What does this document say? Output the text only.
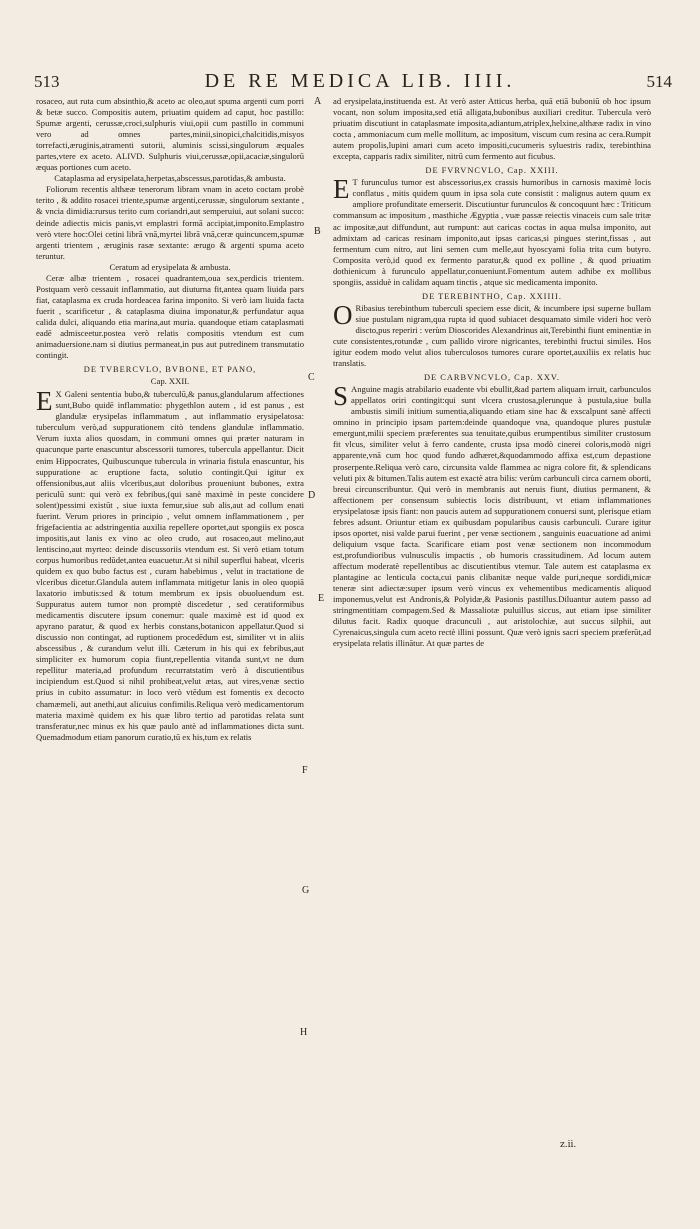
513	DE RE MEDICA LIB. IIII.	514

rosaceo, aut ruta cum absinthio,& aceto ac oleo,aut spuma argenti cum porri & betæ succo. Compositis autem, priuatim quidem ad caput, hoc pastillo: Spumæ argenti, cerussæ,croci,sulphuris viui,opii cum pastillo in communi vero ad omnes partes,minii,sinopici,chalcitidis,misyos torrefacti,æruginis,atramenti sutorii, aluminis scissi,singulorum æquales partes,vtere ex aceto. ALIVD. Sulphuris viui,cerussæ,opii,acaciæ,singulorū æquas portiones cum aceto.

Cataplasma ad erysipelata,herpetas,abscessus,parotidas,& ambusta.

Foliorum recentis althææ tenerorum libram vnam in aceto coctam probè terito , & addito rosacei triente,spumæ argenti,cerussæ, singulorum sextante , & vncia dimidia:rursus terito cum coriandri,aut semperuiui, aut solani succo: deinde adiectis micis panis,vt emplastri formā accipiat,imponito.Emplastro verò vtere hoc:Olei cetini librā vnā,myrtei librā vnā,ceræ quincuncem,spumæ argenti trientem , æruginis rasæ sextante: ærugo & argenti spuma aceto teruntur.

Ceratum ad erysipelata & ambusta.

Ceræ albæ trientem , rosacei quadrantem,oua sex,perdicis trientem. Postquam verò cessauit inflammatio, aut diuturna fit,antea quam liuida pars fiat, cataplasma ex cruda hordeacea farina imponito. Si verò iam liuida facta fuerit , scarificetur , & cataplasma diuina imponatur,& perfundatur aqua calida dulci, aliquando etia marina,aut muria. quandoque etiam cataplasmati eadē admisceetur.postea verò relatis compositis vtendum est cum animaduersione.nam si diutius permaneat,in pus aut putredinem transmutatio contingit.

DE TVBERCVLO, BVBONE, ET PANO,
Cap. XXII.

E X Galeni sententia bubo,& tuberculū,& panus,glandularum affectiones sunt,Bubo quidē inflammatio: phygethlon autem , id est panus , est glandulæ erysipelas inflammatum , aut inflammatio erysipelatosa: tuberculum verò,ad suppurationem citò tendens glandulæ inflammatio. Verum iuxta alios quosdam, in communi omnes qui præter naturam in quacunque parte enascuntur abscessorii tumores, tubercula appellantur. Dicit enim Hippocrates, Quibuscunque tubercula in vrinaria fistula enascuntur, his suppuratione ac eruptione facta, solutio contingit.Qui igitur ex offensionibus,aut aliis vlceribus,aut doloribus proueniunt bubones, extra periculū sunt: qui verò ex febribus,(qui sanè maximè in peste concidere solent)pessimi existūt , siue iuxta femur,siue sub alis,aut ad collum enati fuerint. Verum priores in principio , velut omnem inflammationem , per frigefacientia ac adstringentia auxilia repellere oportet,aut spongiis ex posca impositis,aut lanis ex vino ac oleo crudo, aut rosaceo,aut melino,aut lentiscino,aut myrteo: deinde discussoriis vtendum est. Si verò etiam totum corpus humoribus redūdet,antea euacuetur.At si nihil superflui habeat, vlceris quidem ex quo bubo factus est , curam habebimus , velut in tractatione de vlceribus dicetur.Glandula autem inflammata mitigetur lanis in oleo quopiā laxatorio imbutis:sed & totum membrum ex ipsis obuoluendum est. Suppuratus autem tumor non promptè discedetur , sed ceratiformibus medicamentis discutere ipsum conemur: quale maximè est id quod ex apyrano paratur, & quod ex herbis constans,botanicon appellatur.Quod si discussio non contingat, ad ruptionem procedēdum est, similiter vt in aliis abscessibus , & curandum velut illi. Cæterum in his qui ex febribus,aut simpliciter ex humorum copia fiunt,repellentia vitanda sunt,vt ne dum repellitur materia,ad profundum recurratstatim verò à discutientibus incipiendum est.Quod si nihil prohibeat,velut ætas, aut vires,venæ sectio prius in cubito assumatur: in loco verò vtēdum est fomentis ex decocto chamæmeli, aut anethi,aut alicuius confimilis.Reliqua verò medicamentorum materia maximè quidem ex his quæ libro tertio ad parotidas relata sunt transferatur,nec minus ex his quæ paulo antè ad inflammationes dicta sunt. Quemadmodum etiam panorum curatio,tū ex his,tum ex relatis

ad erysipelata,instituenda est. At verò aster Atticus herba, quā etiā buboniū ob hoc ipsum vocant, non solum imposita,sed etiā alligata,bubonibus auxiliari creditur. Tubercula verò priuatim discutiunt in cataplasmate imposita,adiantum,atriplex,helxine,althææ radix in vino cocta , ammoniacum cum melle mollitum, ac impositum, viscum cum resina ac cera.Rumpit autem propolis,lupini amari cum aceto impositi,cucumeris syluestris radix, terebinthina excepta, capparis radix similiter, nitrū cum fermento aut ficubus.

DE FVRVNCVLO, Cap. XXIII.

E T furunculus tumor est abscessorius,ex crassis humoribus in carnosis maximè locis conflatus , mitis quidem quum in ipsa sola cute consistit : malignus autem quum ex ampliore profunditate emerserit. Discutiuntur furunculos & concoquunt hæc : Triticum commansum ac impositum , masthiche Ægyptia , vuæ passæ reiectis vinaceis cum sale tritæ ac impositæ,aut diffundunt, aut rumpunt: aut caricas coctas in aqua mulsa imponito, aut admixtam ad caricas resinam imponito,aut ipsas caricas,si pingues sterint,fissas , aut fermentum cum nitro, aut lini semen cum melle,aut hyoscyami folia trita cum butyro. Composita verò,id quod ex fermento paratur,& quod ex polline , & quod priuatim dothienicum à furunculo appellatur,conueniunt.Fomentum autem adhibe ex mollibus spongiis, assiduè in calidam aquam tinctis , atque sic medicamenta imponito.

DE TEREBINTHO, Cap. XXIIII.

O Ribasius terebinthum tuberculi speciem esse dicit, & incumbere ipsi superne bullam siue pustulam nigram,qua rupta id quod subiacet desquamato simile videri hoc verò discto,pus reperiri : verùm Dioscorides Alexandrinus ait,Terebinthi fiunt eminentiæ in cute consistentes,rotundæ , cum pallido virore nigricantes, terebinthi fructui similes. Hos igitur eodem modo velut alios tuberculosos tumores curare oportet,auxiliis ex relatis huc translatis.

DE CARBVNCVLO, Cap. XXV.

S Anguine magis atrabilario euadente vbi ebullit,&ad partem aliquam irruit, carbunculos appellatos oriri contingit:qui sunt vlcera crustosa,plerunque à pustula,siue bulla ambustis simili initium sumentia,aliquando etiam sine hac & exscalpunt sanè affecti omnino in principio ipsam partem:deinde quandoque vna, quandoque plures pustulæ emergunt,milii speciem præferentes sua tenuitate,quibus erumpentibus similiter crustosum fit vlcus, similiter velut à ferro candente, crusta ipsa modò cinerei coloris,modò nigri apparente,vnā cum hoc quod fundo adhæret,&quodammodo affixa est,cum depastione proserpente.Reliqua verò caro, circunsita valde flammea ac nigra colore fit, & splendicans veluti pix & bitumen.Talis autem est exactè atra bilis: verùm carbunculi circa carnem oborti, breui circunscribuntur. Qui verò in membranis aut neruis fiunt, diutius permanent, & affectionem per consensum subiectis locis distribuunt, vt etiam inflammationes erysipelatosæ ipsis fiant: non paucis autem ad suppurationem conuersi sunt, plerisque etiam febres adsunt. Oriuntur etiam ex quibusdam popularibus causis carbunculi. Curare igitur ipsos oportet, nisi valde parui fuerint , per venæ sectionem , sanguinis euacuatione ad animi deliquium vsque facta. Scarificare etiam post venæ sectionem non incommodum est,profundioribus vulnusculis impactis , ob humoris crassitudinem. Ad locum autem affectum moderatè repellentibus ac discutientibus vtemur. Tale autem est cataplasma ex plantagine ac lenticula cocta,cui panis clibanitæ neque valde puri,neque sordidi,micæ teneræ sint adiectæ:super ipsum verò vincus ex vehementibus medicamentis aliquod imponemus,velut est Andronis,& Polyidæ,& Pasionis pastillus.Diluantur autem passo ad stringmentitiam compagem.Sed & Massaliotæ puluillus siccus, aut etiam ipse similiter dilutus facit. Radix quoque dracunculi , aut aristolochiæ, aut succus silphii, aut Cyrenaicus,singula cum aceto rectè illini possunt. Quæ verò ignis sacri speciem præferūt,ad erysipelata relatis illinātur. At quæ partes de

A
B
C
D
E
F
G
H
z.ii.
